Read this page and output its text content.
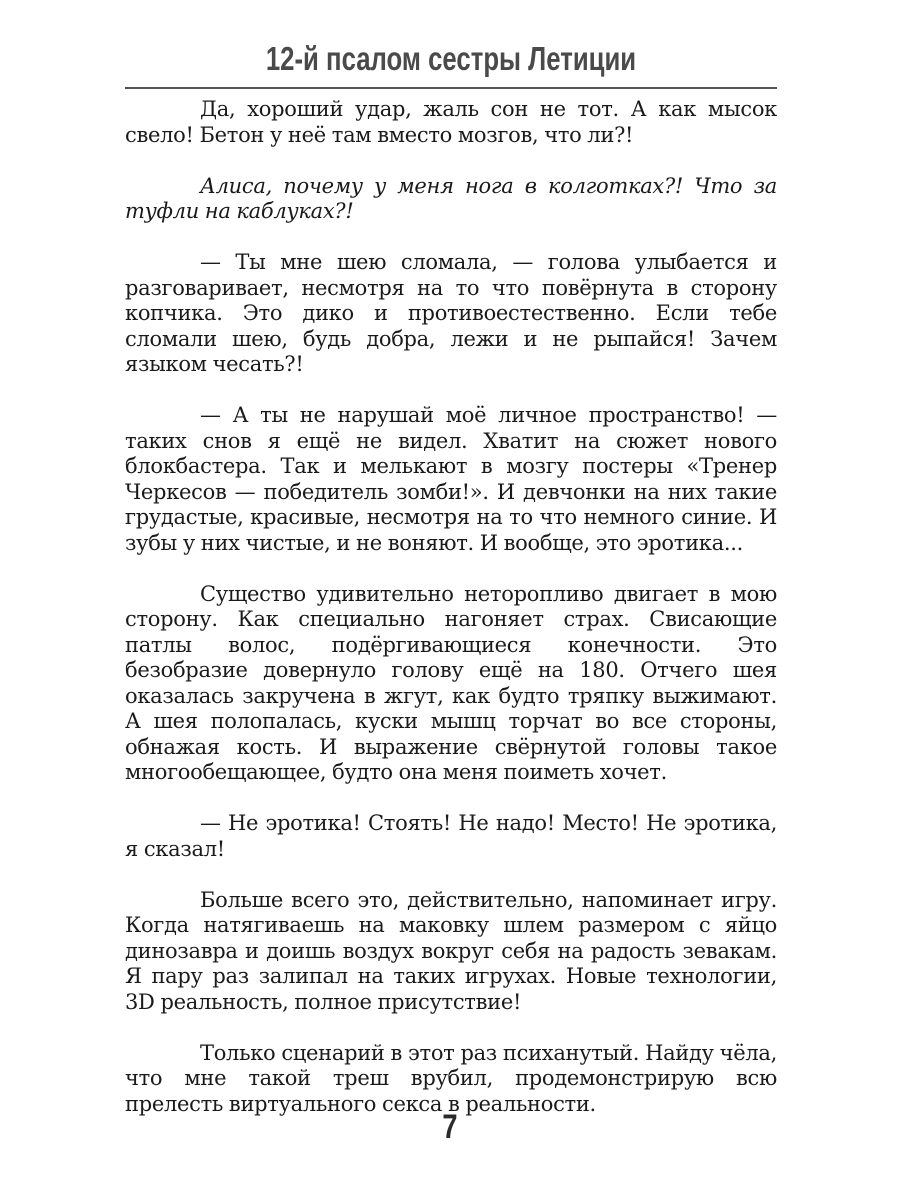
12-й псалом сестры Летиции

Да, хороший удар, жаль сон не тот. А как мысок свело! Бетон у неё там вместо мозгов, что ли?!

Алиса, почему у меня нога в колготках?! Что за туфли на каблуках?!

— Ты мне шею сломала, — голова улыбается и разговаривает, несмотря на то что повёрнута в сторону копчика. Это дико и противоестественно. Если тебе сломали шею, будь добра, лежи и не рыпайся! Зачем языком чесать?!

— А ты не нарушай моё личное пространство! — таких снов я ещё не видел. Хватит на сюжет нового блокбастера. Так и мелькают в мозгу постеры «Тренер Черкесов — победитель зомби!». И девчонки на них такие грудастые, красивые, несмотря на то что немного синие. И зубы у них чистые, и не воняют. И вообще, это эротика...

Существо удивительно неторопливо двигает в мою сторону. Как специально нагоняет страх. Свисающие патлы волос, подёргивающиеся конечности. Это безобразие довернуло голову ещё на 180. Отчего шея оказалась закручена в жгут, как будто тряпку выжимают. А шея полопалась, куски мышц торчат во все стороны, обнажая кость. И выражение свёрнутой головы такое многообещающее, будто она меня поиметь хочет.

— Не эротика! Стоять! Не надо! Место! Не эротика, я сказал!

Больше всего это, действительно, напоминает игру. Когда натягиваешь на маковку шлем размером с яйцо динозавра и доишь воздух вокруг себя на радость зевакам. Я пару раз залипал на таких игрухах. Новые технологии, 3D реальность, полное присутствие!

Только сценарий в этот раз психанутый. Найду чёла, что мне такой треш врубил, продемонстрирую всю прелесть виртуального секса в реальности.

7
